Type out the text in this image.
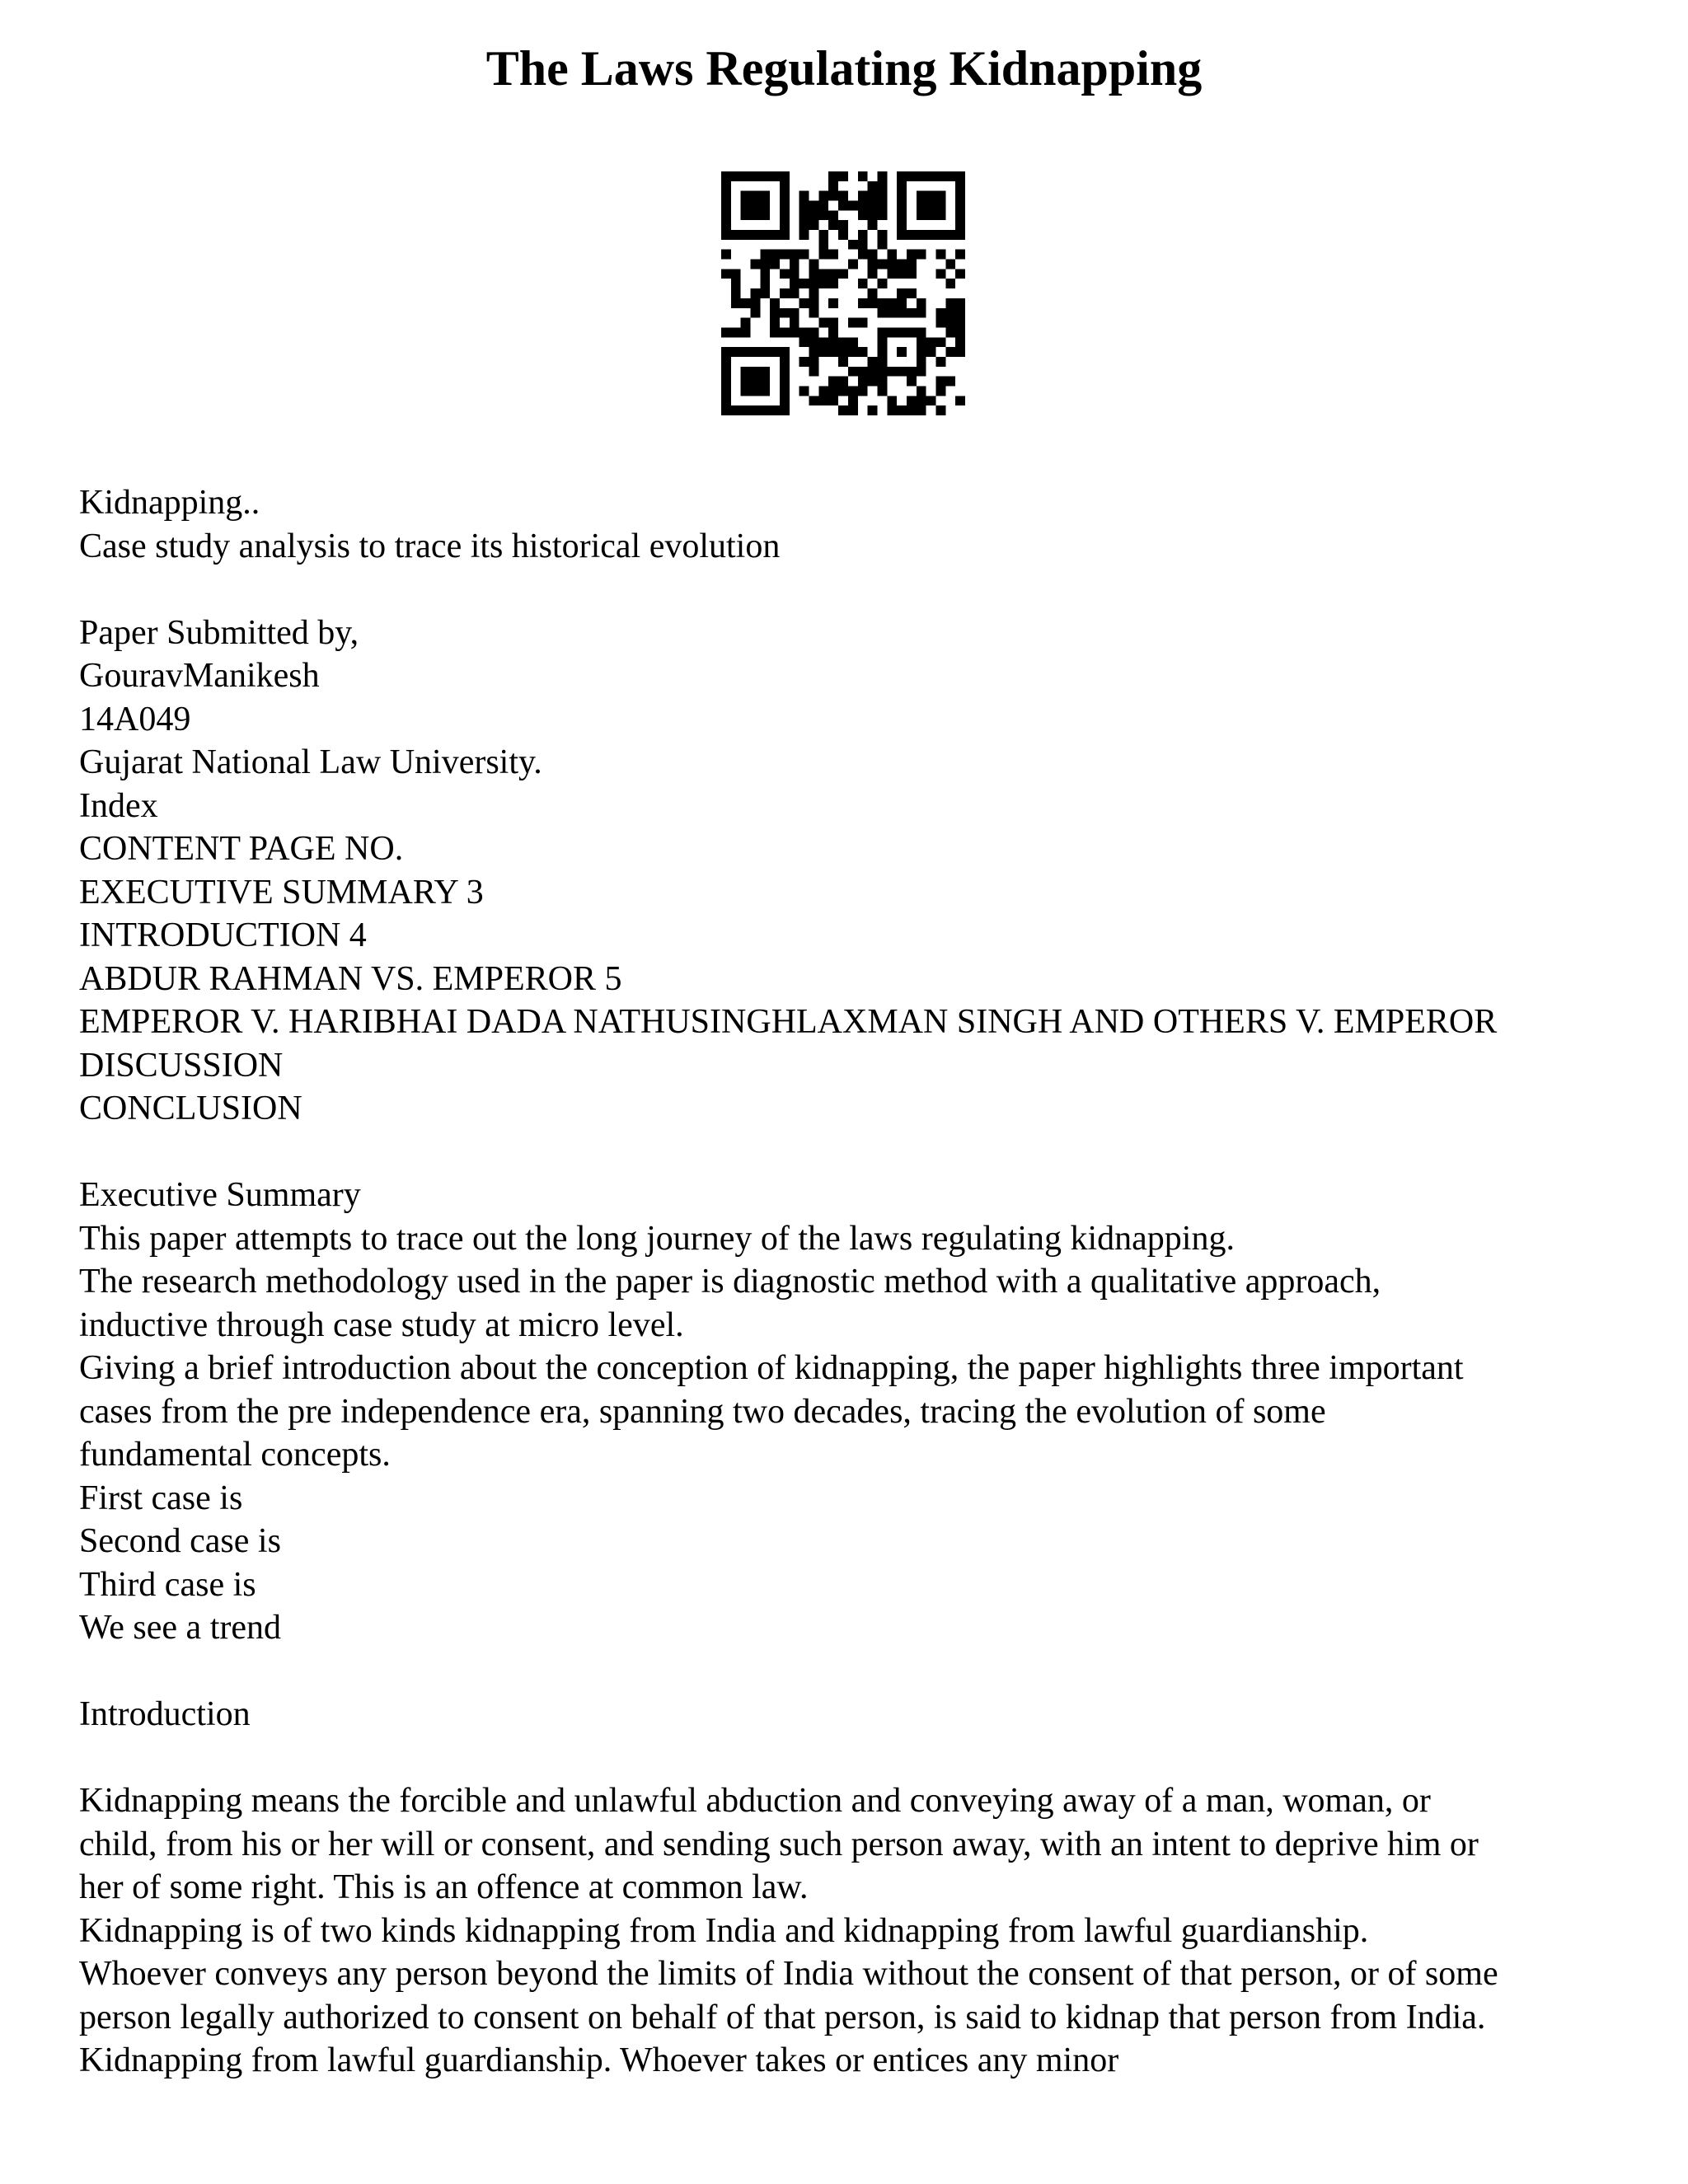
The Laws Regulating Kidnapping
Kidnapping..
Case study analysis to trace its historical evolution
Paper Submitted by,
GouravManikesh
14A049
Gujarat National Law University.
Index
CONTENT PAGE NO.
EXECUTIVE SUMMARY 3
INTRODUCTION 4
ABDUR RAHMAN VS. EMPEROR 5
EMPEROR V. HARIBHAI DADA NATHUSINGHLAXMAN SINGH AND OTHERS V. EMPEROR
DISCUSSION
CONCLUSION
Executive Summary
This paper attempts to trace out the long journey of the laws regulating kidnapping.
The research methodology used in the paper is diagnostic method with a qualitative approach,
inductive through case study at micro level.
Giving a brief introduction about the conception of kidnapping, the paper highlights three important
cases from the pre independence era, spanning two decades, tracing the evolution of some
fundamental concepts.
First case is
Second case is
Third case is
We see a trend
Introduction
Kidnapping means the forcible and unlawful abduction and conveying away of a man, woman, or
child, from his or her will or consent, and sending such person away, with an intent to deprive him or
her of some right. This is an offence at common law.
Kidnapping is of two kinds kidnapping from India and kidnapping from lawful guardianship.
Whoever conveys any person beyond the limits of India without the consent of that person, or of some
person legally authorized to consent on behalf of that person, is said to kidnap that person from India.
Kidnapping from lawful guardianship. Whoever takes or entices any minor
